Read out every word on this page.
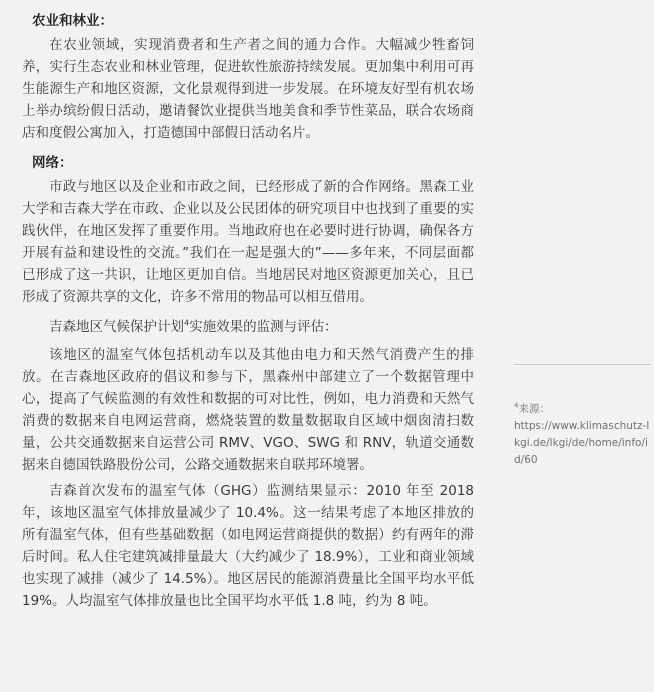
农业和林业：

在农业领域，实现消费者和生产者之间的通力合作。大幅减少牲畜饲养，实行生态农业和林业管理，促进软性旅游持续发展。更加集中利用可再生能源生产和地区资源，文化景观得到进一步发展。在环境友好型有机农场上举办缤纷假日活动，邀请餐饮业提供当地美食和季节性菜品，联合农场商店和度假公寓加入，打造德国中部假日活动名片。

网络：

市政与地区以及企业和市政之间，已经形成了新的合作网络。黑森工业大学和吉森大学在市政、企业以及公民团体的研究项目中也找到了重要的实践伙伴，在地区发挥了重要作用。当地政府也在必要时进行协调，确保各方开展有益和建设性的交流。”我们在一起是强大的”——多年来，不同层面都已形成了这一共识，让地区更加自信。当地居民对地区资源更加关心，且已形成了资源共享的文化，许多不常用的物品可以相互借用。

吉森地区气候保护计划$^4$实施效果的监测与评估：

该地区的温室气体包括机动车以及其他由电力和天然气消费产生的排放。在吉森地区政府的倡议和参与下，黑森州中部建立了一个数据管理中心，提高了气候监测的有效性和数据的可对比性，例如，电力消费和天然气消费的数据来自电网运营商，燃烧装置的数量数据取自区域中烟囱清扫数量，公共交通数据来自运营公司 RMV、VGO、SWG 和 RNV，轨道交通数据来自德国铁路股份公司，公路交通数据来自联邦环境署。

吉森首次发布的温室气体（GHG）监测结果显示：2010 年至 2018 年，该地区温室气体排放量减少了 10.4%。这一结果考虑了本地区排放的所有温室气体，但有些基础数据（如电网运营商提供的数据）约有两年的滞后时间。私人住宅建筑减排量最大（大约减少了 18.9%），工业和商业领域也实现了减排（减少了 14.5%）。地区居民的能源消费量比全国平均水平低 19%。人均温室气体排放量也比全国平均水平低 1.8 吨，约为 8 吨。

$^4$来源：
https://www.klimaschutz-lkgi.de/lkgi/de/home/info/id/60
